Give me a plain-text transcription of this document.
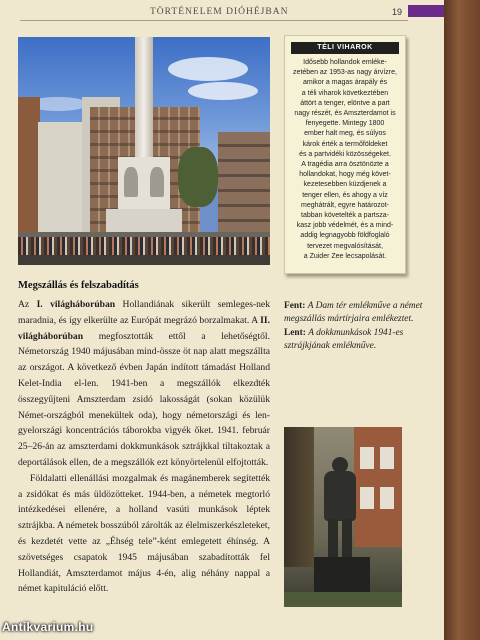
TÖRTÉNELEM DIÓHÉJBAN	19
TÉLI VIHAROK
Idősebb hollandok emléke-
zetében az 1953-as nagy árvízre,
amikor a magas árapály és
a téli viharok következtében
áttört a tenger, elöntve a part
nagy részét, és Amszterdamot is
fenyegette. Mintegy 1800
ember halt meg, és súlyos
károk érték a termőföldeket
és a partvidéki közösségeket.
A tragédia arra ösztönözte a
hollandokat, hogy még követ-
kezetesebben küzdjenek a
tenger ellen, és ahogy a víz
meghátrált, egyre határozot-
tabban követelték a partsza-
kasz jobb védelmét, és a mind-
addig legnagyobb földfoglaló
tervezet megvalósítását,
a Zuider Zee lecsapolását.
Megszállás és felszabadítás

Az I. világháborúban Hollandiának sikerült semleges-nek maradnia, és így elkerülte az Európát megrázó borzalmakat. A II. világháborúban megfosztották ettől a lehetőségtől. Németország 1940 májusában mind-össze öt nap alatt megszállta az országot. A következő évben Japán indított támadást Holland Kelet-India el-len. 1941-ben a megszállók elkezdték összegyűjteni Amszterdam zsidó lakosságát (sokan közülük Német-országból menekültek oda), hogy németországi és len-gyelországi koncentrációs táborokba vigyék őket. 1941. február 25–26-án az amszterdami dokkmunkások sztrájkkal tiltakoztak a deportálások ellen, de a megszállók ezt könyörtelenül elfojtották.

Földalatti ellenállási mozgalmak és magánemberek segítették a zsidókat és más üldözötteket. 1944-ben, a németek megtorló intézkedései ellenére, a holland vasúti munkások léptek sztrájkba. A németek bosszúból zárolták az élelmiszerkészleteket, és kezdetét vette az „Éhség tele”-ként emlegetett éhínség. A szövetséges csapatok 1945 májusában szabadították fel Hollandiát, Amszterdamot május 4-én, alig néhány nappal a német kapituláció előtt.

Fent: A Dam tér emlékműve a német megszállás mártírjaira emlékeztet.
Lent: A dokkmunkások 1941-es sztrájkjának emlékműve.
Antikvarium.hu
